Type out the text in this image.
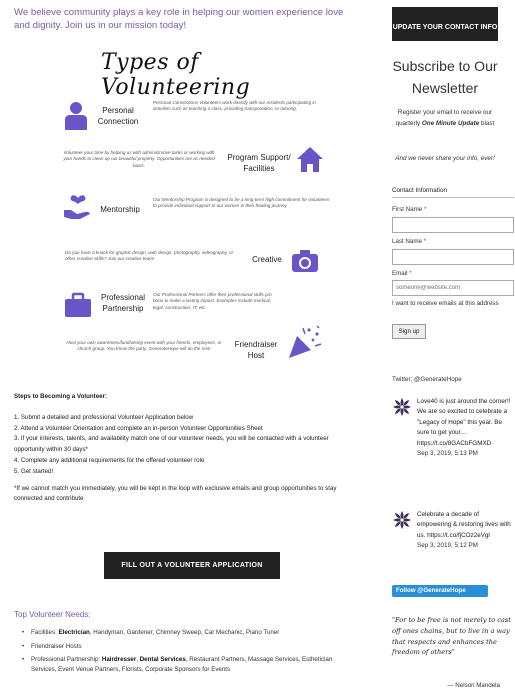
We believe community plays a key role in helping our women experience love and dignity. Join us in our mission today!
Types of Volunteering
Personal Connection
Personal Connections Volunteers work directly with our residents participating in activities such as teaching a class, providing transportation, or tutoring.
Volunteer your time by helping us with administrative tasks or working with your hands to clean up our beautiful property. Opportunities are as needed basis.
Program Support/ Facilities
Mentorship
Our Mentorship Program is designed to be a long-term high commitment for volunteers to provide individual support to our women in their healing journey.
Do you have a knack for graphic design, web design, photography, videography, or other creative skills? Join our creative team!	Creative
Professional Partnership
Our Professional Partners offer their professional skills pro bono to make a lasting impact. Examples include medical, legal, construction, IT, etc.
Host your own awareness/fundraising event with your friends, employees, or church group. You throw the party, GenerateHope will do the rest!	Friendraiser Host
Steps to Becoming a Volunteer:
1. Submit a detailed and professional Volunteer Application below
2. Attend a Volunteer Orientation and complete an in-person Volunteer Opportunities Sheet
3. If your interests, talents, and availability match one of our volunteer needs, you will be contacted with a volunteer opportunity within 30 days*
4. Complete any additional requirements for the offered volunteer role
5. Get started!
*If we cannot match you immediately, you will be kept in the loop with exclusive emails and group opportunities to stay connected and contribute
FILL OUT A VOLUNTEER APPLICATION
Top Volunteer Needs:
• Facilities: Electrician, Handyman, Gardener, Chimney Sweep, Car Mechanic, Piano Tuner
• Friendraiser Hosts
• Professional Partnership: Hairdresser, Dental Services, Restaurant Partners, Massage Services, Esthetician Services, Event Venue Partners, Florists, Corporate Sponsors for Events
UPDATE YOUR CONTACT INFO
Subscribe to Our Newsletter
Register your email to receive our quarterly One Minute Update blast
And we never share your info, ever!
Contact Information
First Name *
Last Name *
Email *
someone@website.com
I want to receive emails at this address
Sign up
Twitter: @GenerateHope
Love40 is just around the corner!! We are so excited to celebrate a "Legacy of Hope" this year. Be sure to get your… https://t.co/8GACbFGMXD
Sep 3, 2019, 5:13 PM
Celebrate a decade of empowering & restoring lives with us. https://t.co/fjCOz2eVgl
Sep 3, 2019, 5:12 PM
Follow @GenerateHope
"For to be free is not merely to cast off ones chains, but to live in a way that respects and enhances the freedom of others"
— Nelson Mandela
